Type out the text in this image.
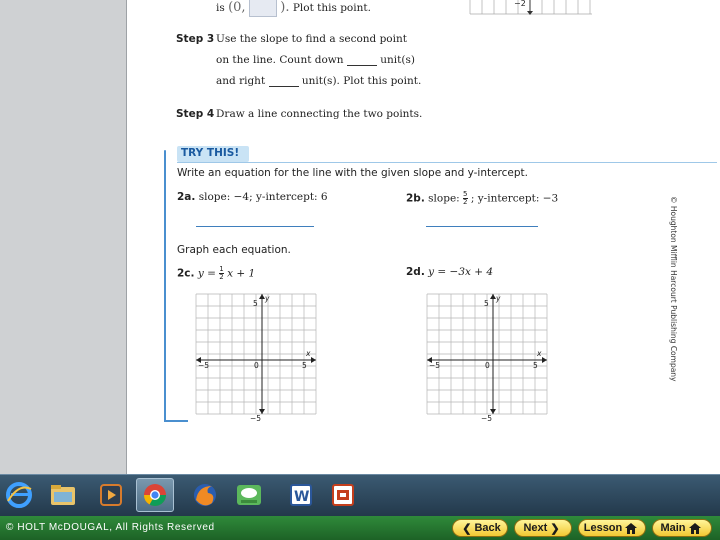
is (0,	). Plot this point.	−2
Step 3 Use the slope to find a second point
on the line. Count down	unit(s)
and right	unit(s). Plot this point.
Step 4 Draw a line connecting the two points.
TRY THIS!
Write an equation for the line with the given slope and y-intercept.
2a. slope: −4; y-intercept: 6	2b. slope: $\frac{5}{2}$ ; y-intercept: −3
Graph each equation.
2c. $y = \frac{1}{2}$ x + 1	2d. y = −3x + 4
y
x
5
−5
−5	5
0
y
x
5
−5
−5	5
0	© Houghton Mifflin Harcourt Publishing Company
W
© HOLT McDOUGAL, All Rights Reserved	❮ Back Next ❯ Lesson	Main
